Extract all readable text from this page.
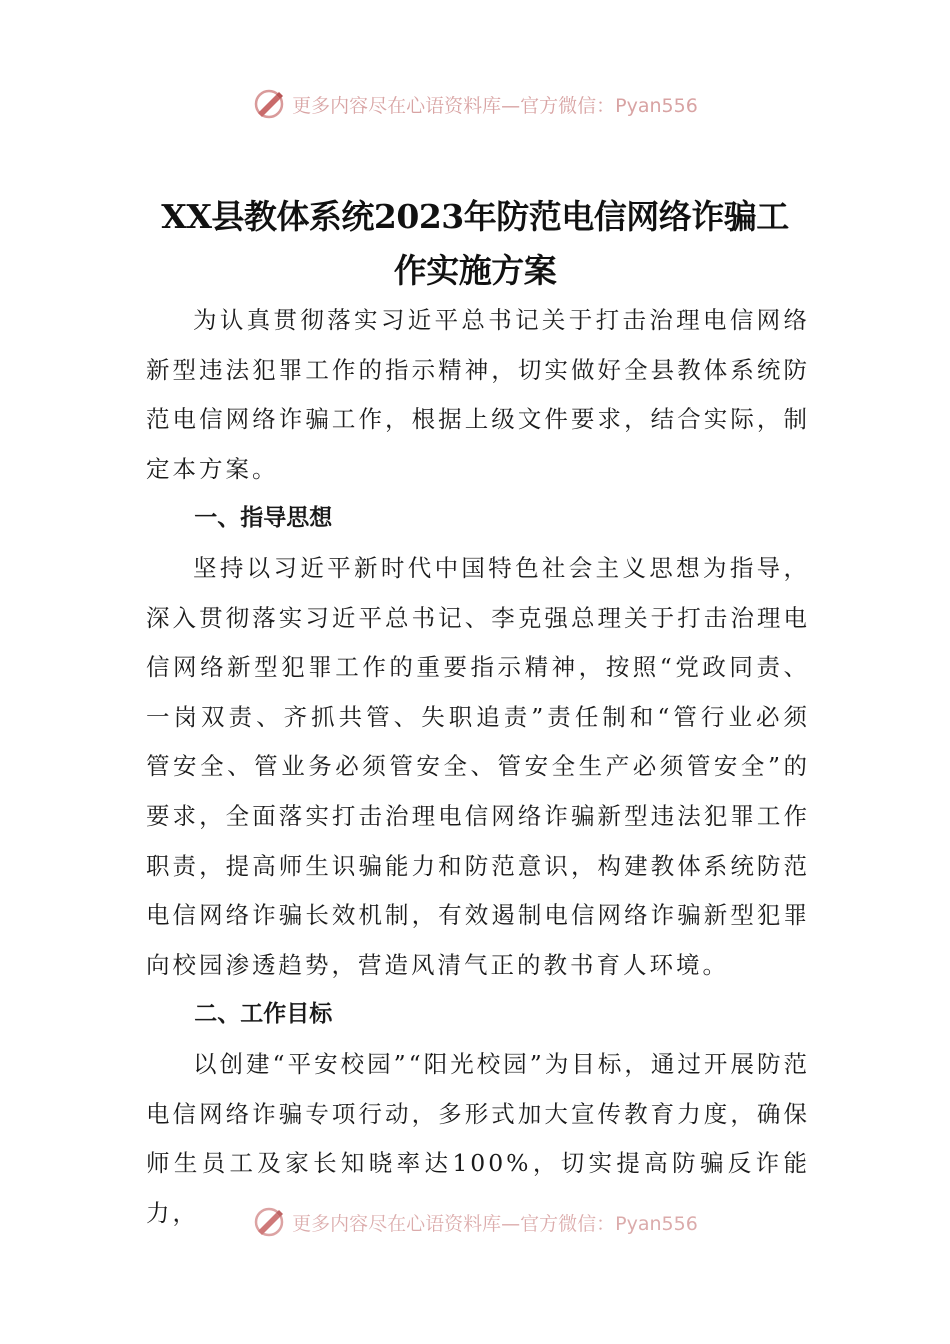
更多内容尽在心语资料库—官方微信：Pyan556
XX县教体系统2023年防范电信网络诈骗工作实施方案

为认真贯彻落实习近平总书记关于打击治理电信网络新型违法犯罪工作的指示精神，切实做好全县教体系统防范电信网络诈骗工作，根据上级文件要求，结合实际，制定本方案。

一、指导思想

坚持以习近平新时代中国特色社会主义思想为指导，深入贯彻落实习近平总书记、李克强总理关于打击治理电信网络新型犯罪工作的重要指示精神，按照“党政同责、一岗双责、齐抓共管、失职追责”责任制和“管行业必须管安全、管业务必须管安全、管安全生产必须管安全”的要求，全面落实打击治理电信网络诈骗新型违法犯罪工作职责，提高师生识骗能力和防范意识，构建教体系统防范电信网络诈骗长效机制，有效遏制电信网络诈骗新型犯罪向校园渗透趋势，营造风清气正的教书育人环境。

二、工作目标

以创建“平安校园”“阳光校园”为目标，通过开展防范电信网络诈骗专项行动，多形式加大宣传教育力度，确保师生员工及家长知晓率达100%，切实提高防骗反诈能力，	更多内容尽在心语资料库—官方微信：Pyan556
